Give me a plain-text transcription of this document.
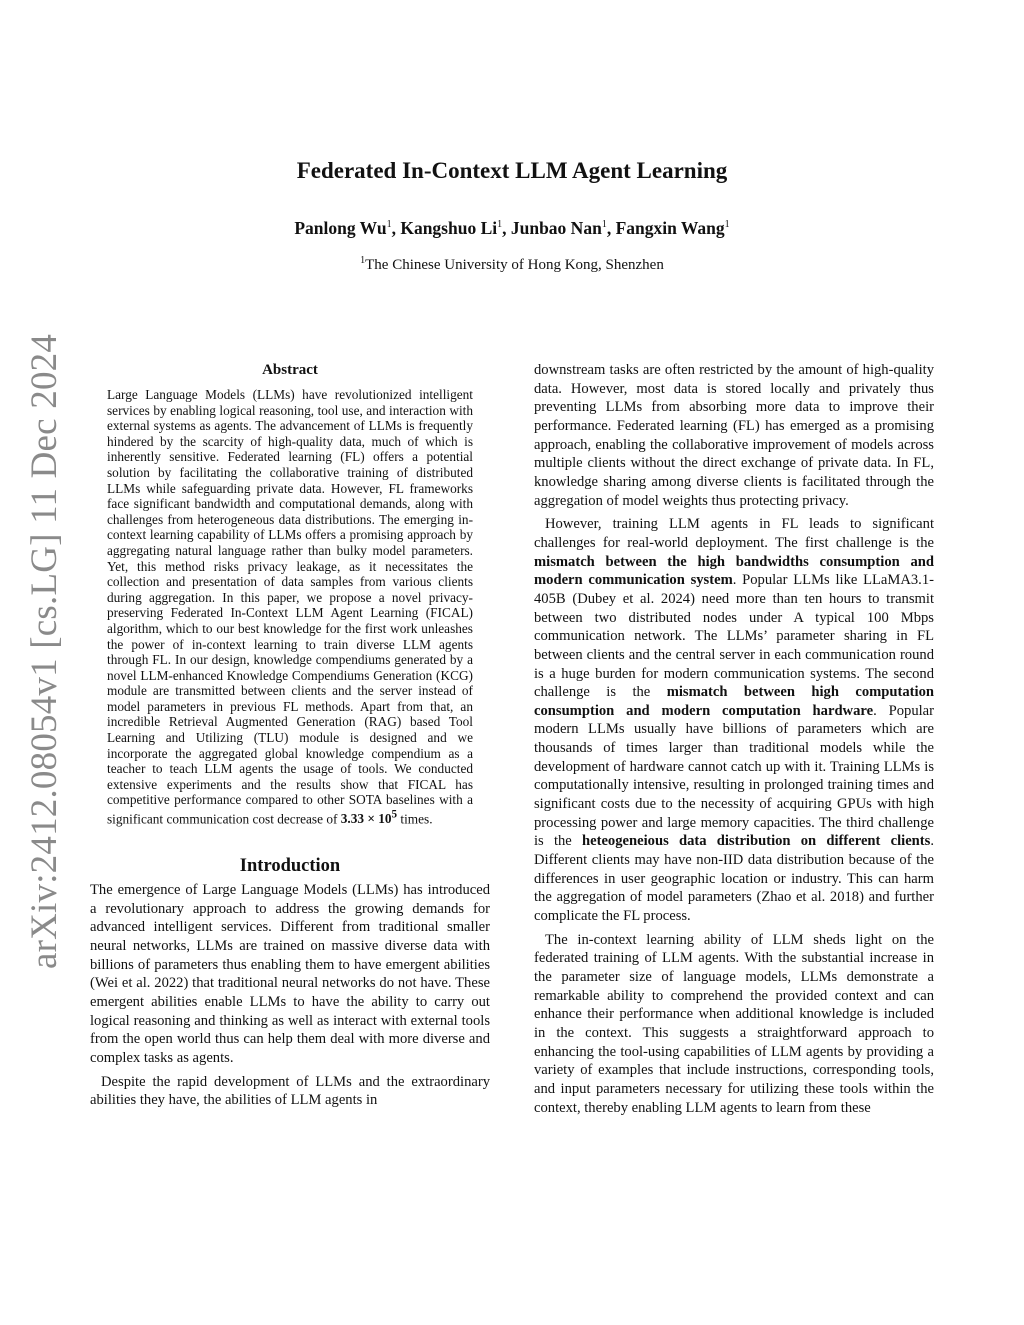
arXiv:2412.08054v1 [cs.LG] 11 Dec 2024
Federated In-Context LLM Agent Learning
Panlong Wu$^1$, Kangshuo Li$^1$, Junbao Nan$^1$, Fangxin Wang$^1$
$^1$The Chinese University of Hong Kong, Shenzhen
Abstract

Large Language Models (LLMs) have revolutionized intelligent services by enabling logical reasoning, tool use, and interaction with external systems as agents. The advancement of LLMs is frequently hindered by the scarcity of high-quality data, much of which is inherently sensitive. Federated learning (FL) offers a potential solution by facilitating the collaborative training of distributed LLMs while safeguarding private data. However, FL frameworks face significant bandwidth and computational demands, along with challenges from heterogeneous data distributions. The emerging in-context learning capability of LLMs offers a promising approach by aggregating natural language rather than bulky model parameters. Yet, this method risks privacy leakage, as it necessitates the collection and presentation of data samples from various clients during aggregation. In this paper, we propose a novel privacy-preserving Federated In-Context LLM Agent Learning (FICAL) algorithm, which to our best knowledge for the first work unleashes the power of in-context learning to train diverse LLM agents through FL. In our design, knowledge compendiums generated by a novel LLM-enhanced Knowledge Compendiums Generation (KCG) module are transmitted between clients and the server instead of model parameters in previous FL methods. Apart from that, an incredible Retrieval Augmented Generation (RAG) based Tool Learning and Utilizing (TLU) module is designed and we incorporate the aggregated global knowledge compendium as a teacher to teach LLM agents the usage of tools. We conducted extensive experiments and the results show that FICAL has competitive performance compared to other SOTA baselines with a significant communication cost decrease of $3.33 \times 10^5$ times.

Introduction

The emergence of Large Language Models (LLMs) has introduced a revolutionary approach to address the growing demands for advanced intelligent services. Different from traditional smaller neural networks, LLMs are trained on massive diverse data with billions of parameters thus enabling them to have emergent abilities (Wei et al. 2022) that traditional neural networks do not have. These emergent abilities enable LLMs to have the ability to carry out logical reasoning and thinking as well as interact with external tools from the open world thus can help them deal with more diverse and complex tasks as agents.

Despite the rapid development of LLMs and the extraordinary abilities they have, the abilities of LLM agents in

downstream tasks are often restricted by the amount of high-quality data. However, most data is stored locally and privately thus preventing LLMs from absorbing more data to improve their performance. Federated learning (FL) has emerged as a promising approach, enabling the collaborative improvement of models across multiple clients without the direct exchange of private data. In FL, knowledge sharing among diverse clients is facilitated through the aggregation of model weights thus protecting privacy.

However, training LLM agents in FL leads to significant challenges for real-world deployment. The first challenge is the mismatch between the high bandwidths consumption and modern communication system. Popular LLMs like LLaMA3.1-405B (Dubey et al. 2024) need more than ten hours to transmit between two distributed nodes under A typical 100 Mbps communication network. The LLMs’ parameter sharing in FL between clients and the central server in each communication round is a huge burden for modern communication systems. The second challenge is the mismatch between high computation consumption and modern computation hardware. Popular modern LLMs usually have billions of parameters which are thousands of times larger than traditional models while the development of hardware cannot catch up with it. Training LLMs is computationally intensive, resulting in prolonged training times and significant costs due to the necessity of acquiring GPUs with high processing power and large memory capacities. The third challenge is the heteogeneious data distribution on different clients. Different clients may have non-IID data distribution because of the differences in user geographic location or industry. This can harm the aggregation of model parameters (Zhao et al. 2018) and further complicate the FL process.

The in-context learning ability of LLM sheds light on the federated training of LLM agents. With the substantial increase in the parameter size of language models, LLMs demonstrate a remarkable ability to comprehend the provided context and can enhance their performance when additional knowledge is included in the context. This suggests a straightforward approach to enhancing the tool-using capabilities of LLM agents by providing a variety of examples that include instructions, corresponding tools, and input parameters necessary for utilizing these tools within the context, thereby enabling LLM agents to learn from these
